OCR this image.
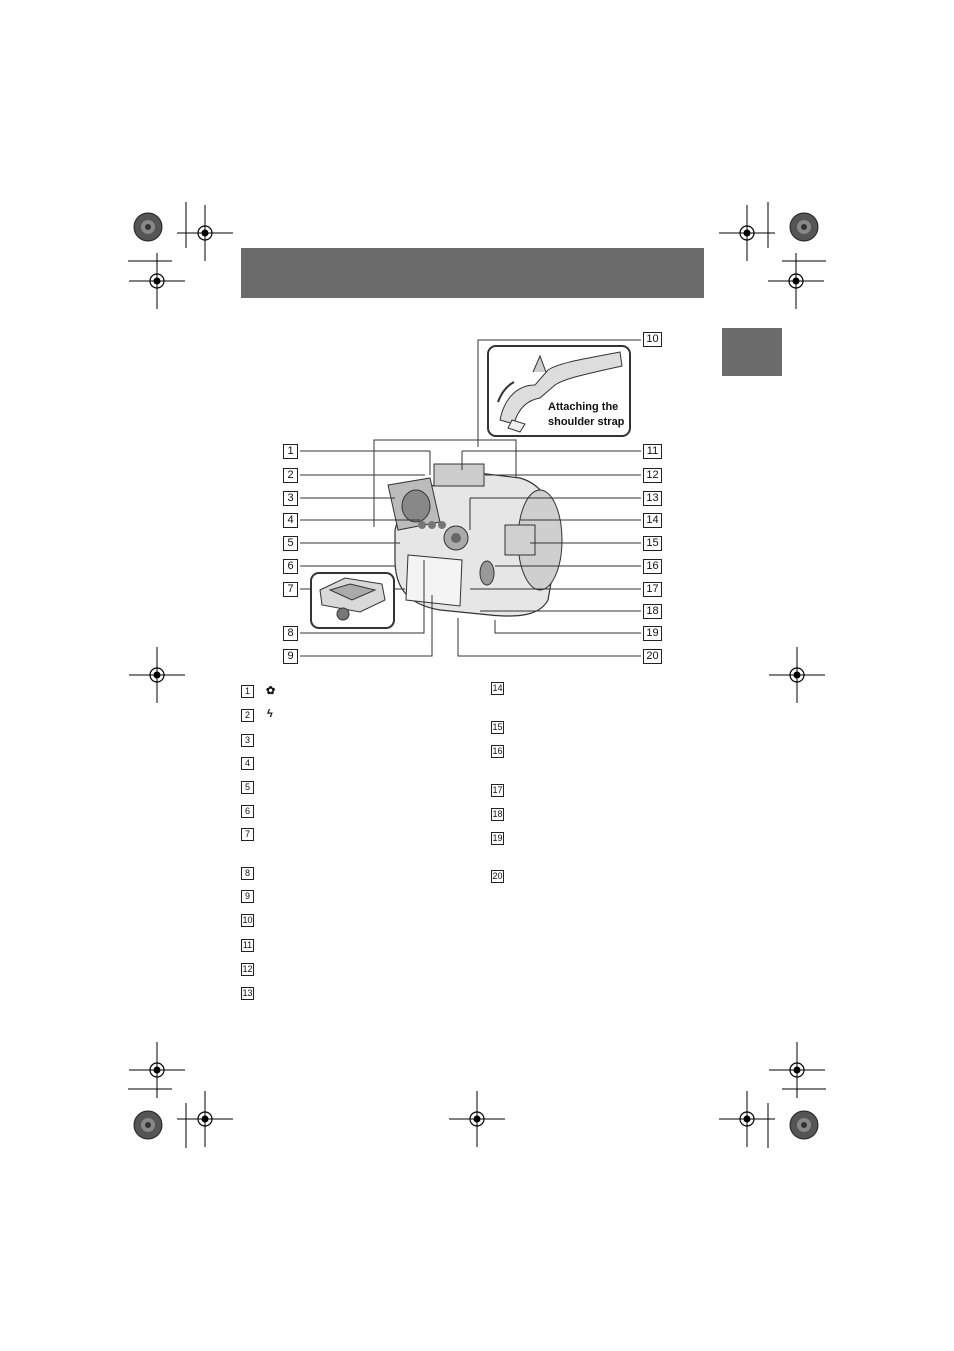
Attaching the
shoulder strap
1
2
3
4
5
6
7
8
9
10
11
12
13
14
15
16
17
18
19
20
1	✿
2	ϟ
3
4
5
6
7
8
9
10
11
12
13
14
15
16
17
18
19
20
